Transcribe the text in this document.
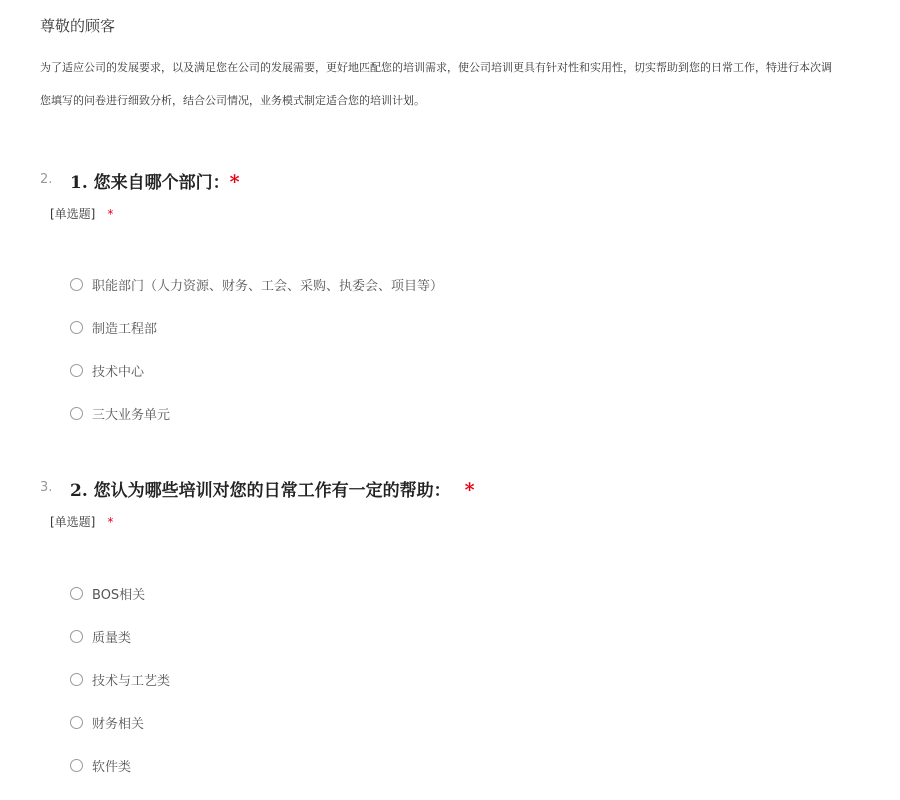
尊敬的顾客
为了适应公司的发展要求，以及满足您在公司的发展需要，更好地匹配您的培训需求，使公司培训更具有针对性和实用性，切实帮助到您的日常工作，特进行本次调
您填写的问卷进行细致分析，结合公司情况，业务模式制定适合您的培训计划。
2. 1. 您来自哪个部门：*
[单选题] *
职能部门（人力资源、财务、工会、采购、执委会、项目等）
制造工程部
技术中心
三大业务单元
3. 2. 您认为哪些培训对您的日常工作有一定的帮助： *
[单选题] *
BOS相关
质量类
技术与工艺类
财务相关
软件类
